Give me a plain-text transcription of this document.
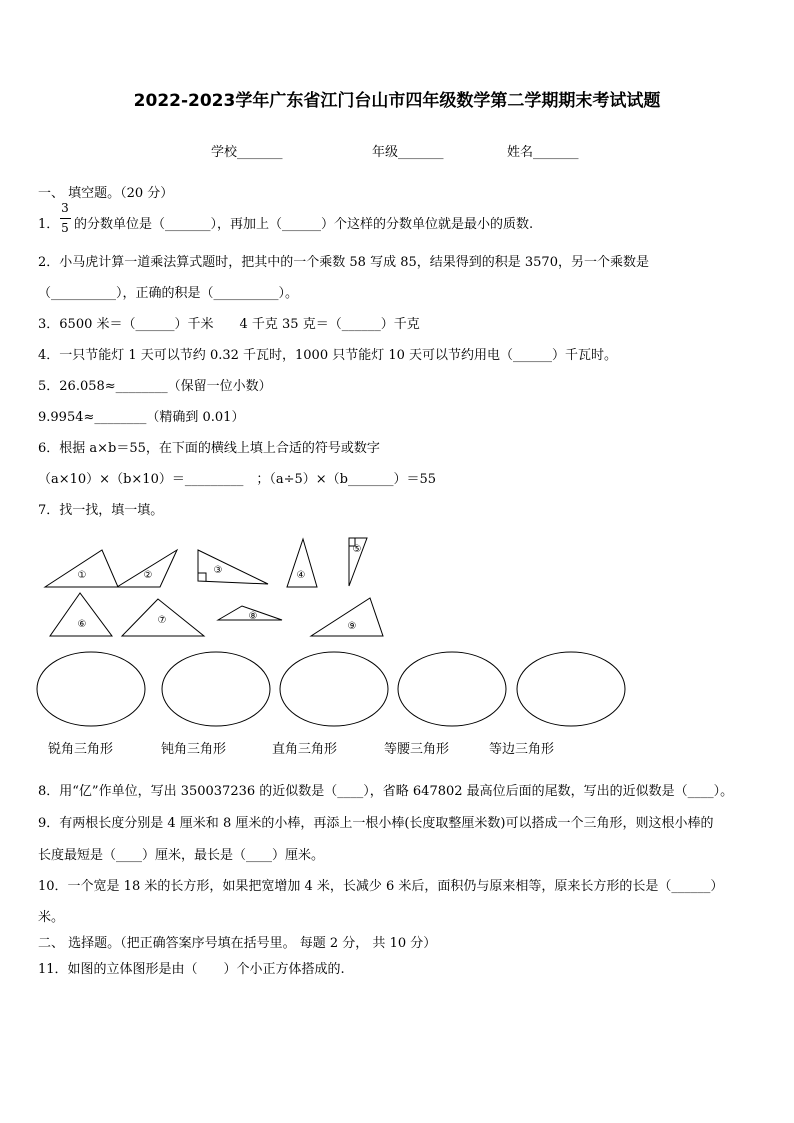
2022-2023学年广东省江门台山市四年级数学第二学期期末考试试题
学校_______	年级_______	姓名_______
一、 填空题。（20 分）
1．
3
5 的分数单位是（_______），再加上（______）个这样的分数单位就是最小的质数.
2．小马虎计算一道乘法算式题时，把其中的一个乘数 58 写成 85，结果得到的积是 3570，另一个乘数是
（__________），正确的积是（__________）。
3．6500 米＝（______）千米　　4 千克 35 克＝（______）千克
4．一只节能灯 1 天可以节约 0.32 千瓦时，1000 只节能灯 10 天可以节约用电（______）千瓦时。
5．26.058≈________（保留一位小数）
9.9954≈________（精确到 0.01）
6．根据 a×b＝55，在下面的横线上填上合适的符号或数字
（a×10）×（b×10）＝_________　；（a÷5）×（b_______）＝55
7．找一找，填一填。
①	②	③	④
⑤
⑥	⑦	⑧
⑨
锐角三角形	钝角三角形	直角三角形	等腰三角形	等边三角形
8．用“亿”作单位，写出 350037236 的近似数是（____），省略 647802 最高位后面的尾数，写出的近似数是（____）。
9．有两根长度分别是 4 厘米和 8 厘米的小棒，再添上一根小棒(长度取整厘米数)可以搭成一个三角形，则这根小棒的
长度最短是（____）厘米，最长是（____）厘米。
10．一个宽是 18 米的长方形，如果把宽增加 4 米，长减少 6 米后，面积仍与原来相等，原来长方形的长是（______）
米。
二、 选择题。（把正确答案序号填在括号里。 每题 2 分， 共 10 分）
11．如图的立体图形是由（　　）个小正方体搭成的.
